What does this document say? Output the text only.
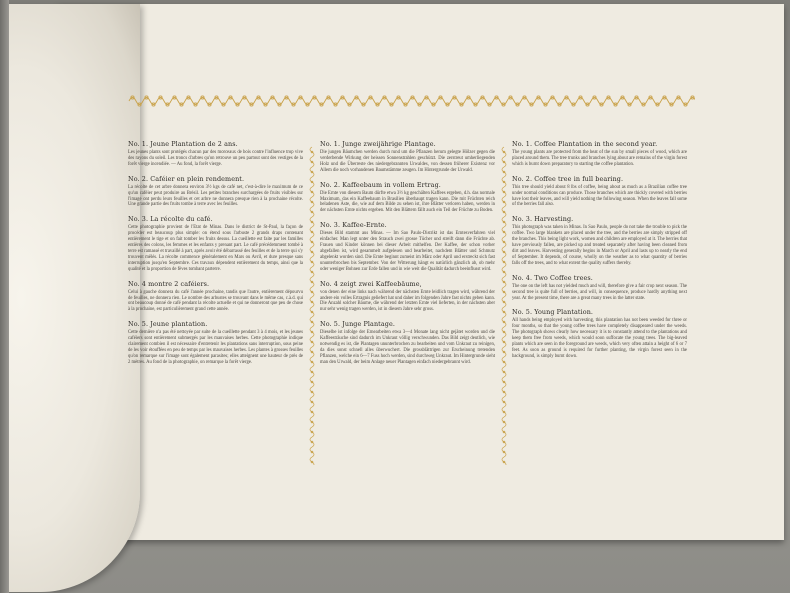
No. 1. Jeune Plantation de 2 ans.

Les jeunes plants sont protégés chacun par des morceaux de bois contre l'influence trop vive des rayons du soleil. Les troncs d'arbres qu'on retrouve un peu partout sont des vestiges de la forêt vierge incendiée. — Au fond, la forêt vierge.

No. 2. Caféier en plein rendement.

La récolte de cet arbre donnera environ 3½ kgs de café net, c'est-à-dire le maximum de ce qu'un caféier peut produire au Brésil. Les petites branches surchargées de fruits visibles sur l'image ont perdu leurs feuilles et cet arbre ne donnera presque rien à la prochaine récolte. Une grande partie des fruits tombe à terre avec les feuilles.

No. 3. La récolte du café.

Cette photographie provient de l'Etat de Minas. Dans le district de St-Paul, la façon de procéder est beaucoup plus simple: on étend sous l'arbuste 2 grands draps contenant entièrement le tige et on fait tomber les fruits dessus. La cueillette est faite par les familles entières des colons, les femmes et les enfants y prenant part. Le café précédemment tombé à terre est ramassé et travaillé à part, après avoir été débarrassé des feuilles et de la terre qui s'y trouvent mêlés. La récolte commence généralement en Mars ou Avril, et dure presque sans interruption jusqu'en Septembre. Ces travaux dépendent entièrement du temps, ainsi que la qualité et la proportion de fèves tombant parterre.

No. 4 montre 2 caféiers.

Celui à gauche donnera du café l'année prochaine, tandis que l'autre, entièrement dépourvu de feuilles, ne donnera rien. Le nombre des arbustes se trouvant dans le même cas, c.à.d. qui ont beaucoup donné de café pendant la récolte actuelle et qui ne donneront que peu de chose à la prochaine, est particulièrement grand cette année.

No. 5. Jeune plantation.

Cette dernière n'a pas été nettoyée par suite de la cueillette pendant 3 à 4 mois, et les jeunes caféiers sont entièrement submergés par les mauvaises herbes. Cette photographie indique clairement combien il est nécessaire d'entretenir les plantations sans interruption, sous peine de les voir étouffées en peu de temps par les mauvaises herbes. Les plantes à grosses feuilles qu'on remarque sur l'image sont également parasites; elles atteignent une hauteur de près de 2 mètres. Au fond de la photographie, on remarque la forêt vierge.

No. 1. Junge zweijährige Plantage.

Die jungen Bäumchen werden durch rund um die Pflanzen herum gelegte Hölzer gegen die verderbende Wirkung der heissen Sonnenstrahlen geschützt. Die zerstreut umherliegenden Holz und die Überreste des niedergebrannten Urwaldes, von dessen früherer Existenz vor Allem die noch vorhandenen Baumstämme zeugen. Im Hintergrunde der Urwald.

No. 2. Kaffeebaum in vollem Ertrag.

Die Ernte von diesem Baum dürfte etwa 3½ kg geschälten Kaffees ergeben, d.h. das normale Maximum, das ein Kaffeebaum in Brasilien überhaupt tragen kann. Die mit Früchten reich beladenen Äste, die, wie auf dem Bilde zu sehen ist, ihre Blätter verloren haben, werden in der nächsten Ernte nichts ergeben. Mit den Blättern fällt auch ein Teil der Früchte zu Boden.

No. 3. Kaffee-Ernte.

Dieses Bild stammt aus Minas. — Im Sao Paulo-Distrikt ist das Erntesverfahren viel einfacher. Man legt unter den Strauch zwei grosse Tücher und streift dann die Früchte ab. Frauen und Kinder können bei dieser Arbeit mithelfen. Der Kaffee, der schon vorher abgefallen ist, wird gesammelt aufgelesen und bearbeitet, nachdem Blätter und Schmutz abgelenkt worden sind. Die Ernte beginnt zumeist im März oder April und erstreckt sich fast ununterbrochen bis September. Von der Witterung hängt es natürlich gänzlich ab, ob mehr oder weniger Bohnen zur Erde fallen und in wie weit die Qualität dadurch beeinflusst wird.

No. 4 zeigt zwei Kaffeebäume,

von denen der eine links nach während der nächsten Ernte leidlich tragen wird, während der andere ein volles Ertragnis geliefert hat und daher im folgenden Jahre fast nichts geben kann. Die Anzahl solcher Bäume, die während der letzten Ernte viel lieferten, in der nächsten aber nur sehr wenig tragen werden, ist in diesem Jahre sehr gross.

No. 5. Junge Plantage.

Dieselbe ist infolge der Ernearbeiten etwa 3—4 Monate lang nicht gejätet worden und die Kaffeesträuche sind dadurch im Unkraut völlig verschwunden. Das Bild zeigt deutlich, wie notwendig es ist, die Plantagen ununterbrochen zu bearbeiten und vom Unkraut zu reinigen, da dies sonst schnell alles überwuchert. Die grossblättrigen zur Erscheinung tretenden Pflanzen, welche ein 6—7 Fuss hoch werden, sind durchweg Unkraut. Im Hintergrunde sieht man den Urwald, der beim Anlage neuer Plantagen einfach niedergebrannt wird.

No. 1. Coffee Plantation in the second year.

The young plants are protected from the heat of the sun by small pieces of wood, which are placed around them. The tree trunks and branches lying about are remains of the virgin forest which is burnt down preparatory to starting the coffee plantation.

No. 2. Coffee tree in full bearing.

This tree should yield about 8 lbs of coffee, being about as much as a Brazilian coffee tree under normal conditions can produce. Those branches which are thickly covered with berries have lost their leaves, and will yield nothing the following season. When the leaves fall some of the berries fall also.

No. 3. Harvesting.

This photograph was taken in Minas. In Sao Paulo, people do not take the trouble to pick the coffee. Two large blankets are placed under the tree, and the berries are simply stripped off the branches. This being light work, women and children are employed at it. The berries that have previously fallen, are picked up and treated separately after having been cleaned from dirt and leaves. Harvesting generally begins in March or April and lasts up to nearly the end of September. It depends, of course, wholly on the weather as to what quantity of berries falls off the trees, and to what extent the quality suffers thereby.

No. 4. Two Coffee trees.

The one on the left has not yielded much and will, therefore give a fair crop next season. The second tree is quite full of berries, and will, in consequence, produce hardly anything next year. At the present time, there are a great many trees in the latter state.

No. 5. Young Plantation.

All hands being employed with harvesting, this plantation has not been weeded for three or four months, so that the young coffee trees have completely disappeared under the weeds. The photograph shows clearly how necessary it is to constantly attend to the plantations and keep them free from weeds, which would soon suffocate the young trees. The big-leaved plants which are seen in the foreground are weeds, which very often attain a height of 6 or 7 feet. As soon as ground is required for further planting, the virgin forest seen in the background, is simply burnt down.
